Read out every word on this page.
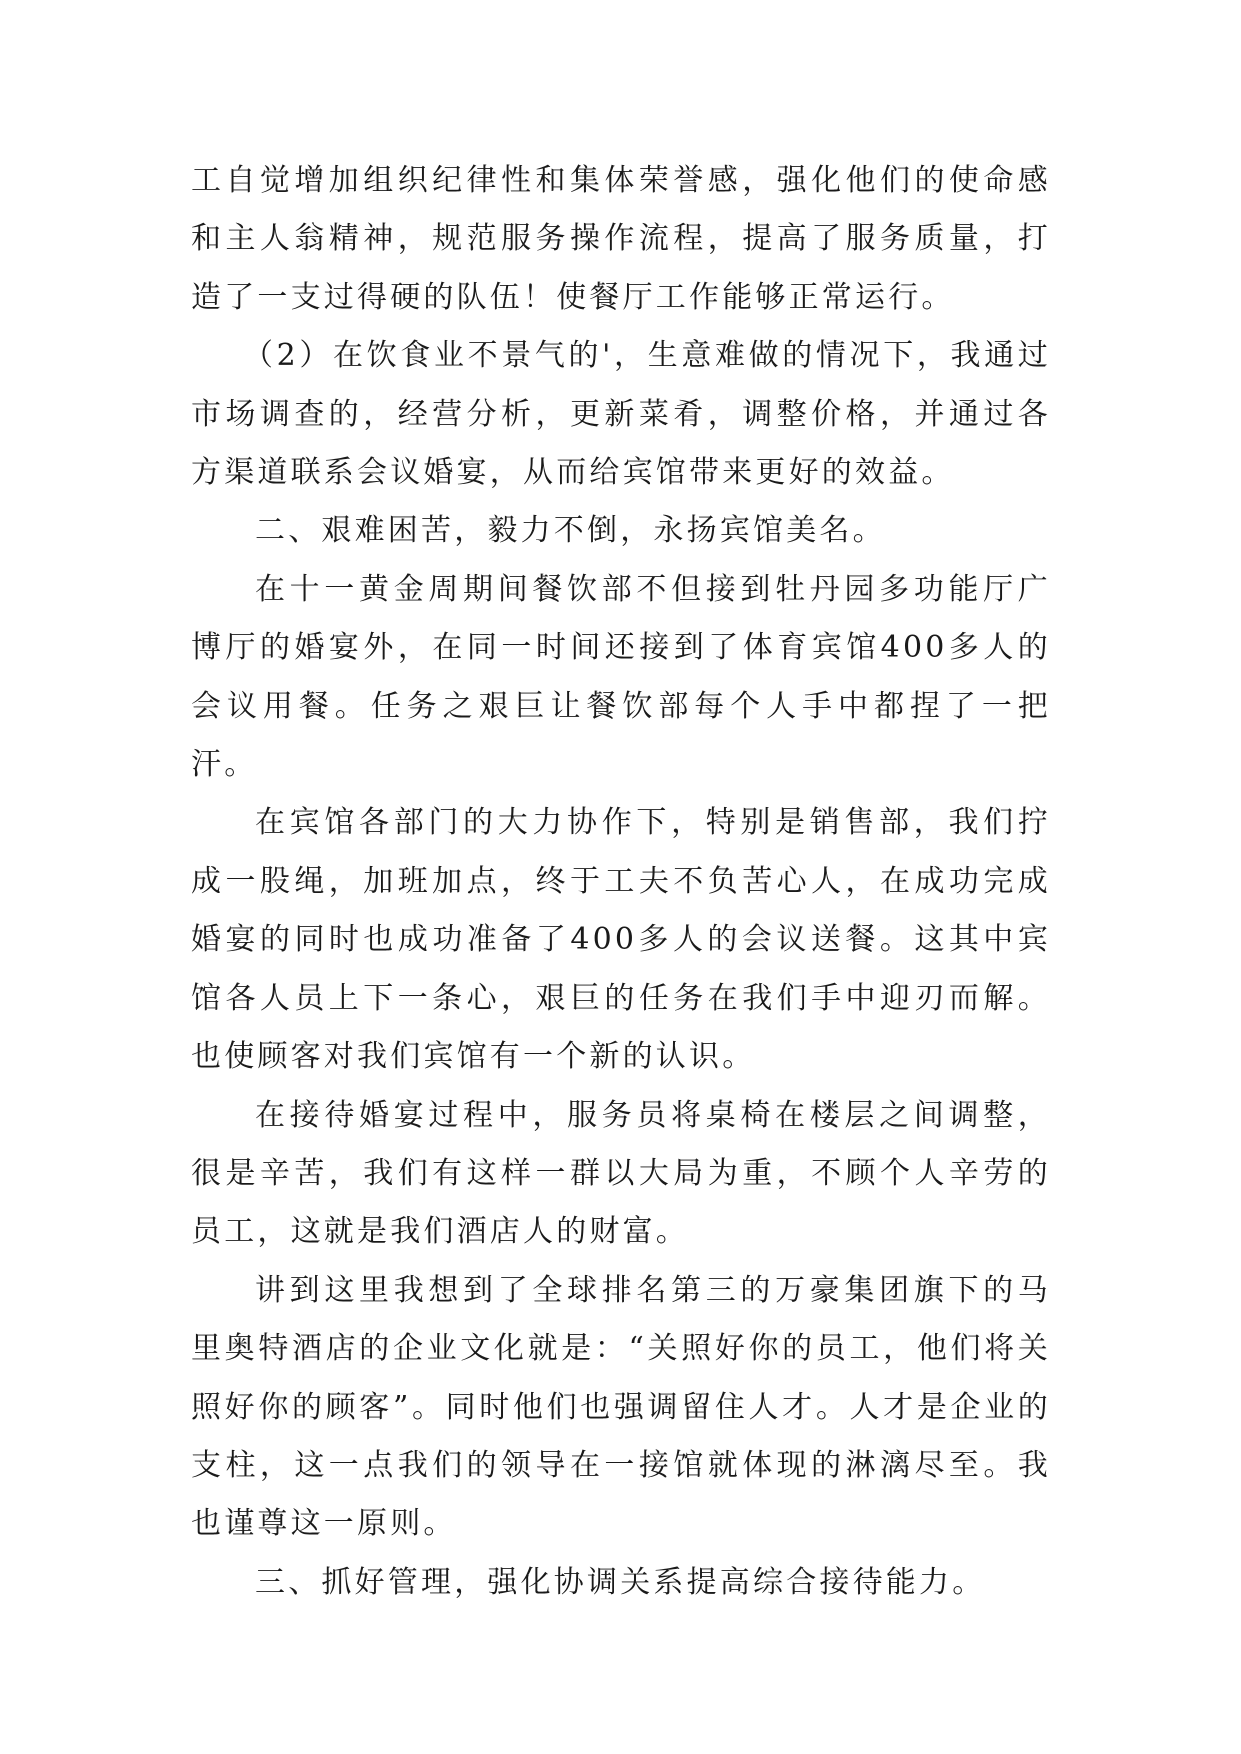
工自觉增加组织纪律性和集体荣誉感，强化他们的使命感和主人翁精神，规范服务操作流程，提高了服务质量，打造了一支过得硬的队伍！使餐厅工作能够正常运行。

（2）在饮食业不景气的'，生意难做的情况下，我通过市场调查的，经营分析，更新菜肴，调整价格，并通过各方渠道联系会议婚宴，从而给宾馆带来更好的效益。

二、艰难困苦，毅力不倒，永扬宾馆美名。

在十一黄金周期间餐饮部不但接到牡丹园多功能厅广博厅的婚宴外，在同一时间还接到了体育宾馆400多人的会议用餐。任务之艰巨让餐饮部每个人手中都捏了一把汗。

在宾馆各部门的大力协作下，特别是销售部，我们拧成一股绳，加班加点，终于工夫不负苦心人，在成功完成婚宴的同时也成功准备了400多人的会议送餐。这其中宾馆各人员上下一条心，艰巨的任务在我们手中迎刃而解。也使顾客对我们宾馆有一个新的认识。

在接待婚宴过程中，服务员将桌椅在楼层之间调整，很是辛苦，我们有这样一群以大局为重，不顾个人辛劳的员工，这就是我们酒店人的财富。

讲到这里我想到了全球排名第三的万豪集团旗下的马里奥特酒店的企业文化就是：“关照好你的员工，他们将关照好你的顾客”。同时他们也强调留住人才。人才是企业的支柱，这一点我们的领导在一接馆就体现的淋漓尽至。我也谨尊这一原则。

三、抓好管理，强化协调关系提高综合接待能力。
